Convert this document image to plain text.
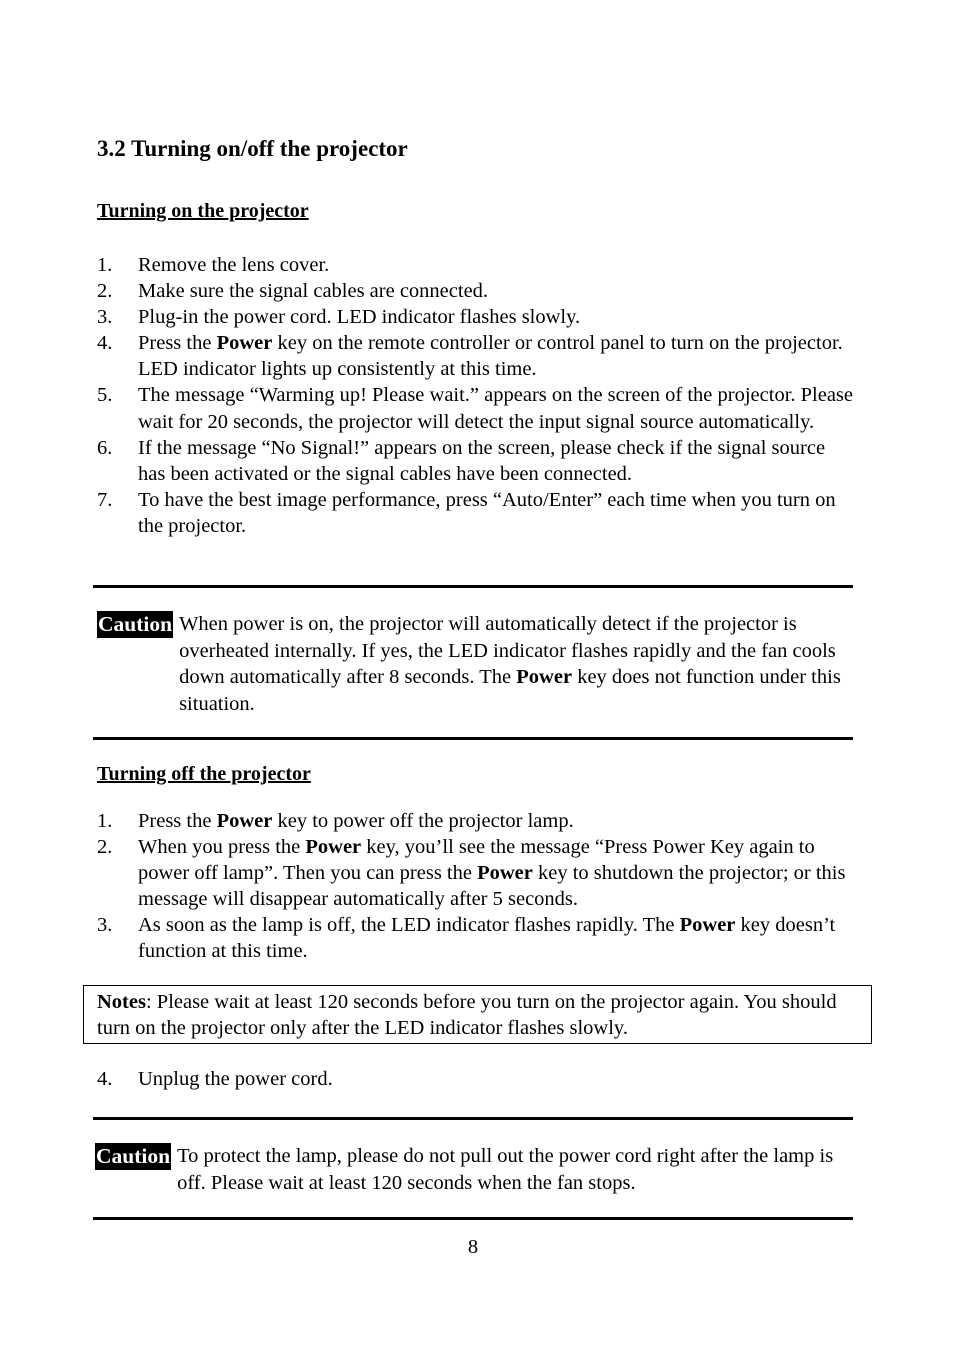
3.2 Turning on/off the projector
Turning on the projector
1.	Remove the lens cover.
2.	Make sure the signal cables are connected.
3.	Plug-in the power cord. LED indicator flashes slowly.
4.	Press the Power key on the remote controller or control panel to turn on the projector. LED indicator lights up consistently at this time.
5.	The message “Warming up! Please wait.” appears on the screen of the projector. Please wait for 20 seconds, the projector will detect the input signal source automatically.
6.	If the message “No Signal!” appears on the screen, please check if the signal source has been activated or the signal cables have been connected.
7.	To have the best image performance, press “Auto/Enter” each time when you turn on the projector.
Caution When power is on, the projector will automatically detect if the projector is overheated internally. If yes, the LED indicator flashes rapidly and the fan cools down automatically after 8 seconds. The Power key does not function under this situation.
Turning off the projector
1.	Press the Power key to power off the projector lamp.
2.	When you press the Power key, you’ll see the message “Press Power Key again to power off lamp”. Then you can press the Power key to shutdown the projector; or this message will disappear automatically after 5 seconds.
3.	As soon as the lamp is off, the LED indicator flashes rapidly. The Power key doesn’t function at this time.
Notes: Please wait at least 120 seconds before you turn on the projector again. You should turn on the projector only after the LED indicator flashes slowly.
4.	Unplug the power cord.
Caution To protect the lamp, please do not pull out the power cord right after the lamp is off. Please wait at least 120 seconds when the fan stops.
8
